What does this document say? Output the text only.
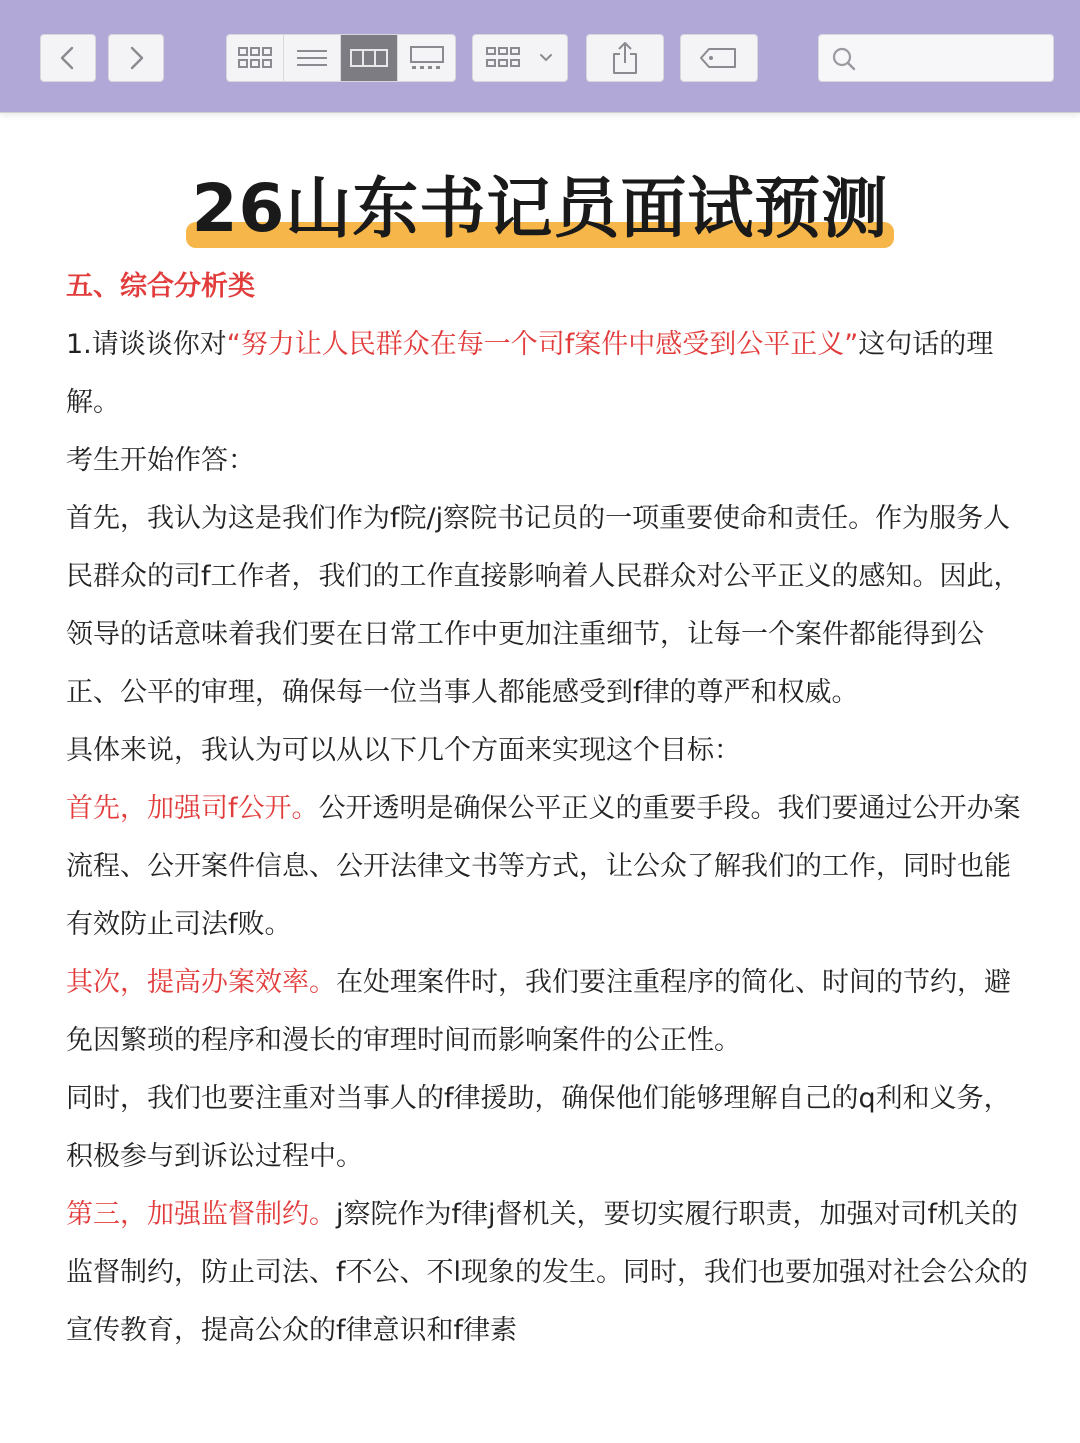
26山东书记员面试预测

五、综合分析类

1.请谈谈你对“努力让人民群众在每一个司f案件中感受到公平正义”这句话的理解。

考生开始作答：

首先，我认为这是我们作为f院/j察院书记员的一项重要使命和责任。作为服务人民群众的司f工作者，我们的工作直接影响着人民群众对公平正义的感知。因此，领导的话意味着我们要在日常工作中更加注重细节，让每一个案件都能得到公正、公平的审理，确保每一位当事人都能感受到f律的尊严和权威。

具体来说，我认为可以从以下几个方面来实现这个目标：

首先，加强司f公开。公开透明是确保公平正义的重要手段。我们要通过公开办案流程、公开案件信息、公开法律文书等方式，让公众了解我们的工作，同时也能有效防止司法f败。

其次，提高办案效率。在处理案件时，我们要注重程序的简化、时间的节约，避免因繁琐的程序和漫长的审理时间而影响案件的公正性。

同时，我们也要注重对当事人的f律援助，确保他们能够理解自己的q利和义务，积极参与到诉讼过程中。

第三，加强监督制约。j察院作为f律j督机关，要切实履行职责，加强对司f机关的监督制约，防止司法、f不公、不l现象的发生。同时，我们也要加强对社会公众的宣传教育，提高公众的f律意识和f律素
